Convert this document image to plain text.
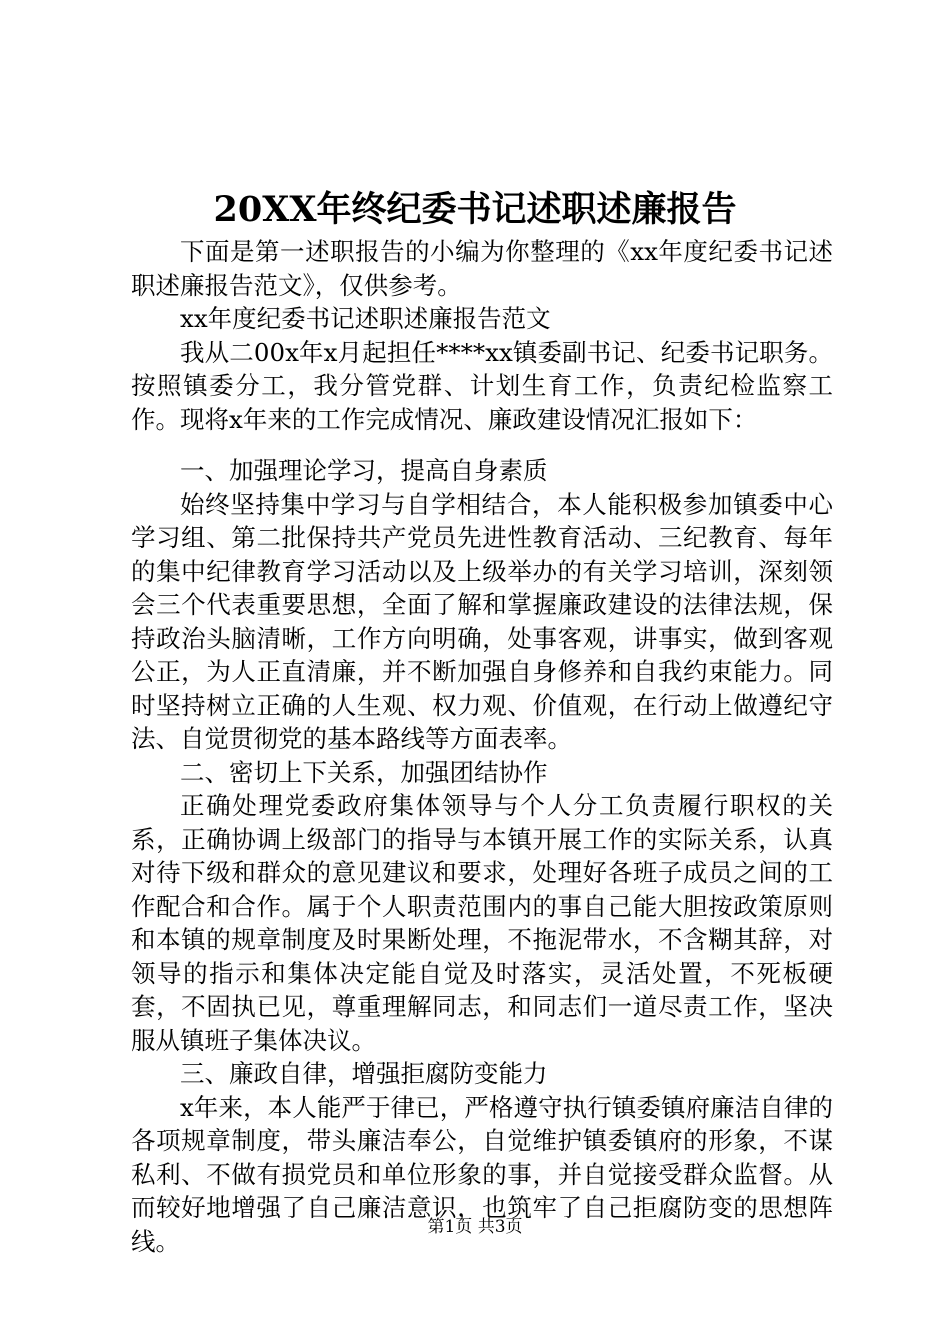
20XX年终纪委书记述职述廉报告

下面是第一述职报告的小编为你整理的《xx年度纪委书记述职述廉报告范文》，仅供参考。

xx年度纪委书记述职述廉报告范文

我从二00x年x月起担任****xx镇委副书记、纪委书记职务。按照镇委分工，我分管党群、计划生育工作，负责纪检监察工作。现将x年来的工作完成情况、廉政建设情况汇报如下：

一、加强理论学习，提高自身素质

始终坚持集中学习与自学相结合，本人能积极参加镇委中心学习组、第二批保持共产党员先进性教育活动、三纪教育、每年的集中纪律教育学习活动以及上级举办的有关学习培训，深刻领会三个代表重要思想，全面了解和掌握廉政建设的法律法规，保持政治头脑清晰，工作方向明确，处事客观，讲事实，做到客观公正，为人正直清廉，并不断加强自身修养和自我约束能力。同时坚持树立正确的人生观、权力观、价值观，在行动上做遵纪守法、自觉贯彻党的基本路线等方面表率。

二、密切上下关系，加强团结协作

正确处理党委政府集体领导与个人分工负责履行职权的关系，正确协调上级部门的指导与本镇开展工作的实际关系，认真对待下级和群众的意见建议和要求，处理好各班子成员之间的工作配合和合作。属于个人职责范围内的事自己能大胆按政策原则和本镇的规章制度及时果断处理，不拖泥带水，不含糊其辞，对领导的指示和集体决定能自觉及时落实，灵活处置，不死板硬套，不固执已见，尊重理解同志，和同志们一道尽责工作，坚决服从镇班子集体决议。

三、廉政自律，增强拒腐防变能力

x年来，本人能严于律已，严格遵守执行镇委镇府廉洁自律的各项规章制度，带头廉洁奉公，自觉维护镇委镇府的形象，不谋私利、不做有损党员和单位形象的事，并自觉接受群众监督。从而较好地增强了自己廉洁意识，也筑牢了自己拒腐防变的思想阵线。	第1页 共3页
